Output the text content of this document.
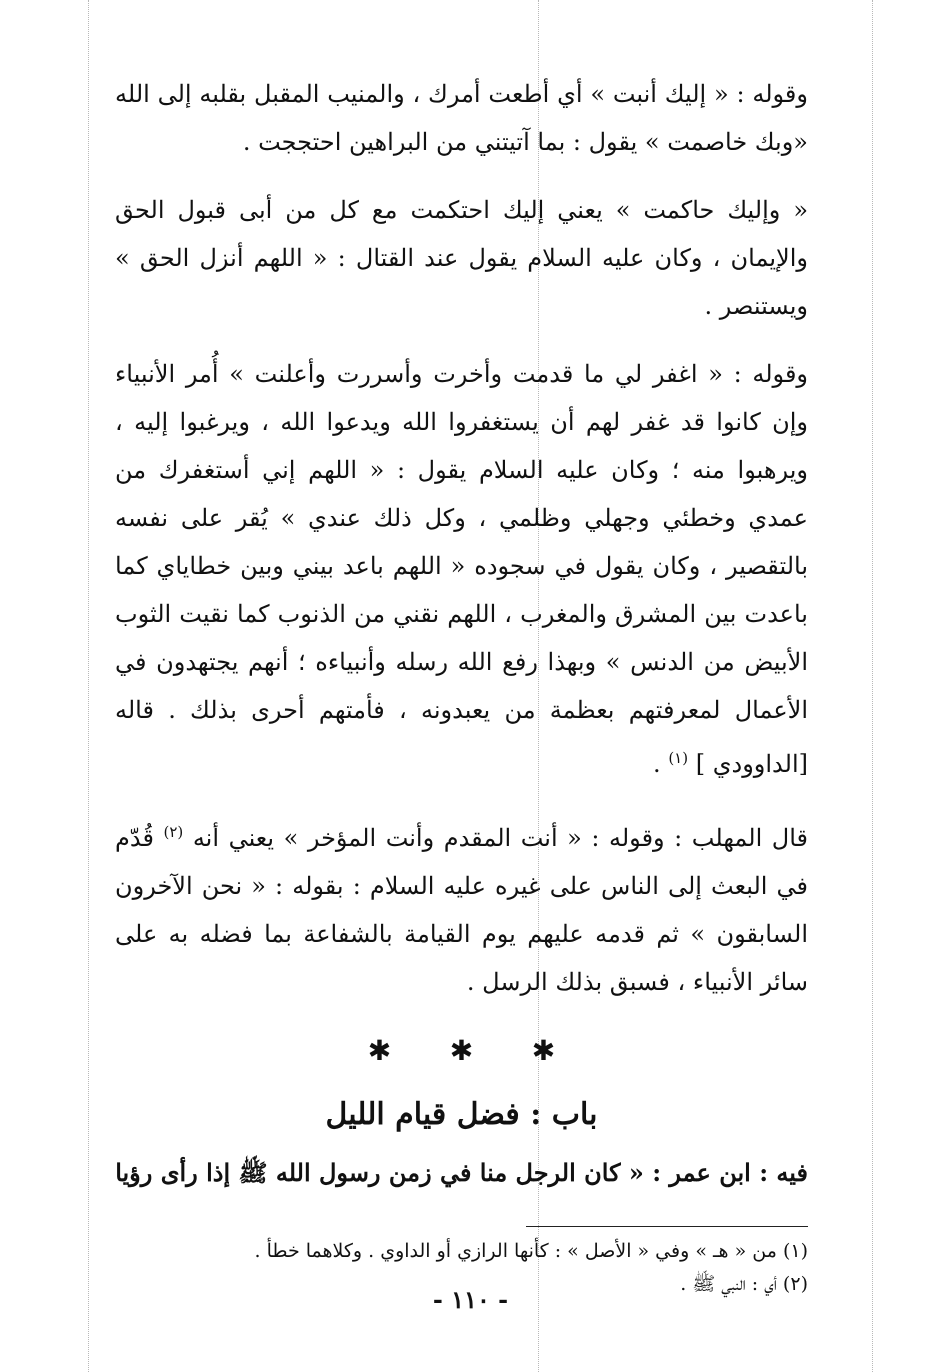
وقوله : « إليك أنبت » أي أطعت أمرك ، والمنيب المقبل بقلبه إلى الله «وبك خاصمت » يقول : بما آتيتني من البراهين احتججت .

« وإليك حاكمت » يعني إليك احتكمت مع كل من أبى قبول الحق والإيمان ، وكان عليه السلام يقول عند القتال : « اللهم أنزل الحق » ويستنصر .

وقوله : « اغفر لي ما قدمت وأخرت وأسررت وأعلنت » أُمر الأنبياء وإن كانوا قد غفر لهم أن يستغفروا الله ويدعوا الله ، ويرغبوا إليه ، ويرهبوا منه ؛ وكان عليه السلام يقول : « اللهم إني أستغفرك من عمدي وخطئي وجهلي وظلمي ، وكل ذلك عندي » يُقر على نفسه بالتقصير ، وكان يقول في سجوده « اللهم باعد بيني وبين خطاياي كما باعدت بين المشرق والمغرب ، اللهم نقني من الذنوب كما نقيت الثوب الأبيض من الدنس » وبهذا رفع الله رسله وأنبياءه ؛ أنهم يجتهدون في الأعمال لمعرفتهم بعظمة من يعبدونه ، فأمتهم أحرى بذلك . قاله [الداوودي ] $^{(١)}$ .

قال المهلب : وقوله : « أنت المقدم وأنت المؤخر » يعني أنه $^{(٢)}$ قُدّم في البعث إلى الناس على غيره عليه السلام : بقوله : « نحن الآخرون السابقون » ثم قدمه عليهم يوم القيامة بالشفاعة بما فضله به على سائر الأنبياء ، فسبق بذلك الرسل .

✱ ✱ ✱
باب : فضل قيام الليل
فيه : ابن عمر : « كان الرجل منا في زمن رسول الله ﷺ إذا رأى رؤيا
(١) من « هـ » وفي « الأصل » : كأنها الرازي أو الداوي . وكلاهما خطأ .
(٢) أي : النبي ﷺ .
- ١١٠ -
